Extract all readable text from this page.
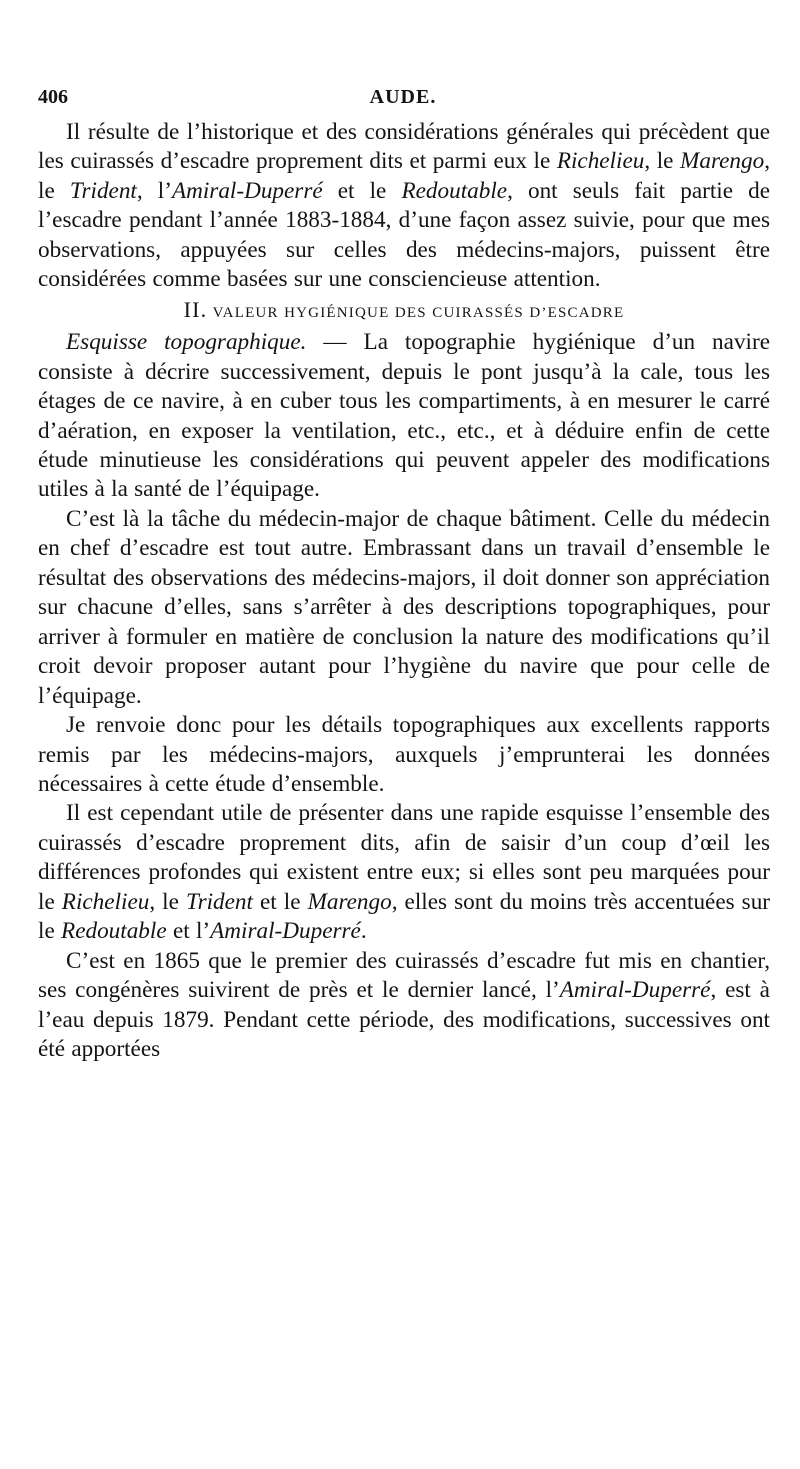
406	AUDE.

Il résulte de l’historique et des considérations générales qui précèdent que les cuirassés d’escadre proprement dits et parmi eux le Richelieu, le Marengo, le Trident, l’Amiral-Duperré et le Redoutable, ont seuls fait partie de l’escadre pendant l’année 1883-1884, d’une façon assez suivie, pour que mes observations, appuyées sur celles des médecins-majors, puissent être considérées comme basées sur une consciencieuse attention.

II. VALEUR HYGIÉNIQUE DES CUIRASSÉS D’ESCADRE

Esquisse topographique. — La topographie hygiénique d’un navire consiste à décrire successivement, depuis le pont jusqu’à la cale, tous les étages de ce navire, à en cuber tous les compartiments, à en mesurer le carré d’aération, en exposer la ventilation, etc., etc., et à déduire enfin de cette étude minutieuse les considérations qui peuvent appeler des modifications utiles à la santé de l’équipage.

C’est là la tâche du médecin-major de chaque bâtiment. Celle du médecin en chef d’escadre est tout autre. Embrassant dans un travail d’ensemble le résultat des observations des médecins-majors, il doit donner son appréciation sur chacune d’elles, sans s’arrêter à des descriptions topographiques, pour arriver à formuler en matière de conclusion la nature des modifications qu’il croit devoir proposer autant pour l’hygiène du navire que pour celle de l’équipage.

Je renvoie donc pour les détails topographiques aux excellents rapports remis par les médecins-majors, auxquels j’emprunterai les données nécessaires à cette étude d’ensemble.

Il est cependant utile de présenter dans une rapide esquisse l’ensemble des cuirassés d’escadre proprement dits, afin de saisir d’un coup d’œil les différences profondes qui existent entre eux; si elles sont peu marquées pour le Richelieu, le Trident et le Marengo, elles sont du moins très accentuées sur le Redoutable et l’Amiral-Duperré.

C’est en 1865 que le premier des cuirassés d’escadre fut mis en chantier, ses congénères suivirent de près et le dernier lancé, l’Amiral-Duperré, est à l’eau depuis 1879. Pendant cette période, des modifications, successives ont été apportées
